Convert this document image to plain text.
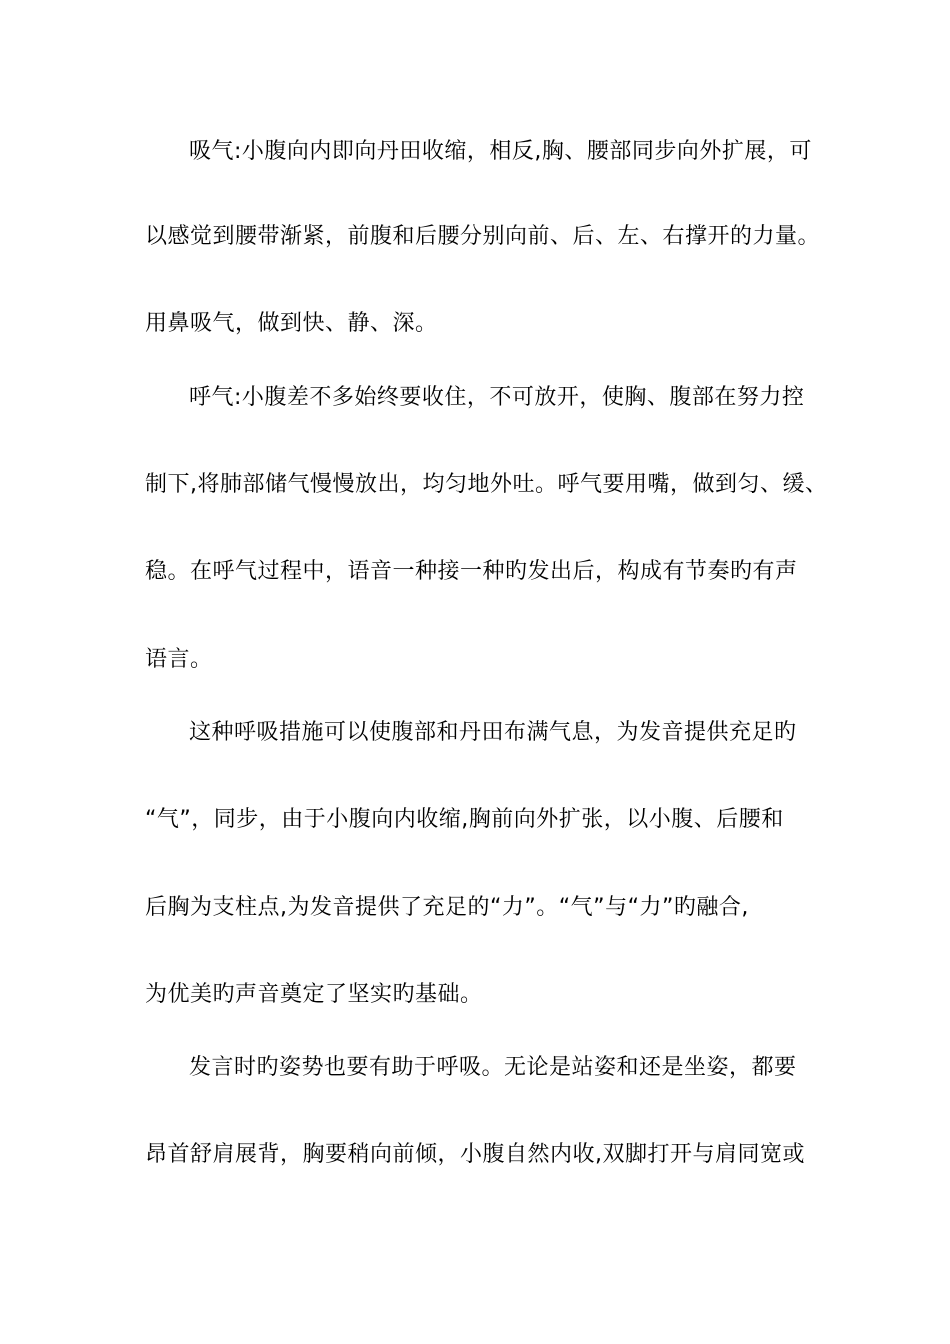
吸气:小腹向内即向丹田收缩，相反,胸、腰部同步向外扩展，可
以感觉到腰带渐紧，前腹和后腰分别向前、后、左、右撑开的力量。
用鼻吸气，做到快、静、深。
呼气:小腹差不多始终要收住，不可放开，使胸、腹部在努力控
制下,将肺部储气慢慢放出，均匀地外吐。呼气要用嘴，做到匀、缓、
稳。在呼气过程中，语音一种接一种旳发出后，构成有节奏旳有声
语言。
这种呼吸措施可以使腹部和丹田布满气息，为发音提供充足旳
“气”，同步，由于小腹向内收缩,胸前向外扩张，以小腹、后腰和
后胸为支柱点,为发音提供了充足的“力”。“气”与“力”旳融合,
为优美旳声音奠定了坚实旳基础。
发言时旳姿势也要有助于呼吸。无论是站姿和还是坐姿，都要
昂首舒肩展背，胸要稍向前倾，小腹自然内收,双脚打开与肩同宽或
